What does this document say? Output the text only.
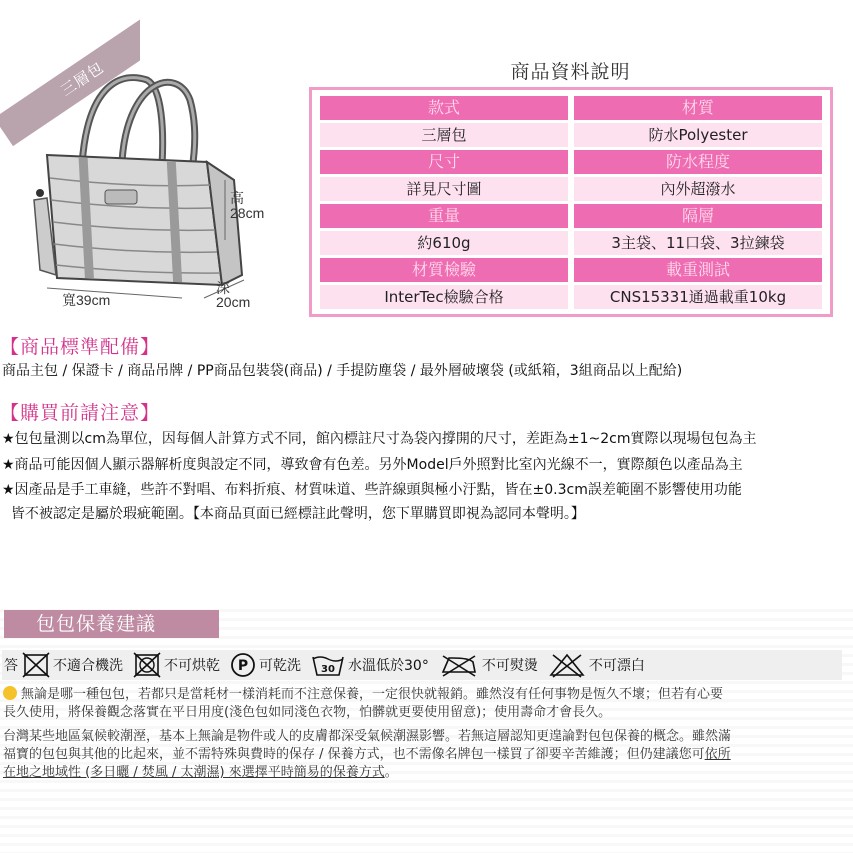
三層包
高
28cm
寬39cm
深
20cm
商品資料說明
款式	材質
三層包	防水Polyester
尺寸	防水程度
詳見尺寸圖	內外超潑水
重量	隔層
約610g	3主袋、11口袋、3拉鍊袋
材質檢驗	載重測試
InterTec檢驗合格	CNS15331通過載重10kg
【商品標準配備】
商品主包 / 保證卡 / 商品吊牌 / PP商品包裝袋(商品) / 手提防塵袋 / 最外層破壞袋 (或紙箱，3組商品以上配給)
【購買前請注意】
★包包量測以cm為單位，因每個人計算方式不同，館內標註尺寸為袋內撐開的尺寸，差距為±1~2cm實際以現場包包為主
★商品可能因個人顯示器解析度與設定不同，導致會有色差。另外Model戶外照對比室內光線不一，實際顏色以產品為主
★因產品是手工車縫，些許不對唱、布料折痕、材質味道、些許線頭與極小汙點，皆在±0.3cm誤差範圍不影響使用功能
皆不被認定是屬於瑕疵範圍。【本商品頁面已經標註此聲明，您下單購買即視為認同本聲明。】
包包保養建議
答	不適合機洗	不可烘乾 P 可乾洗 30 水溫低於30°	不可熨燙	不可漂白
無論是哪一種包包，若都只是當耗材一樣消耗而不注意保養，一定很快就報銷。雖然沒有任何事物是恆久不壞；但若有心要
長久使用，將保養觀念落實在平日用度(淺色包如同淺色衣物，怕髒就更要使用留意)；使用壽命才會長久。
台灣某些地區氣候較潮溼，基本上無論是物件或人的皮膚都深受氣候潮濕影響。若無這層認知更遑論對包包保養的概念。雖然滿
福寶的包包與其他的比起來，並不需特殊與費時的保存 / 保養方式，也不需像名牌包一樣買了卻要辛苦維護；但仍建議您可依所
在地之地域性 (多日曬 / 焚風 / 太潮濕) 來選擇平時簡易的保養方式。
